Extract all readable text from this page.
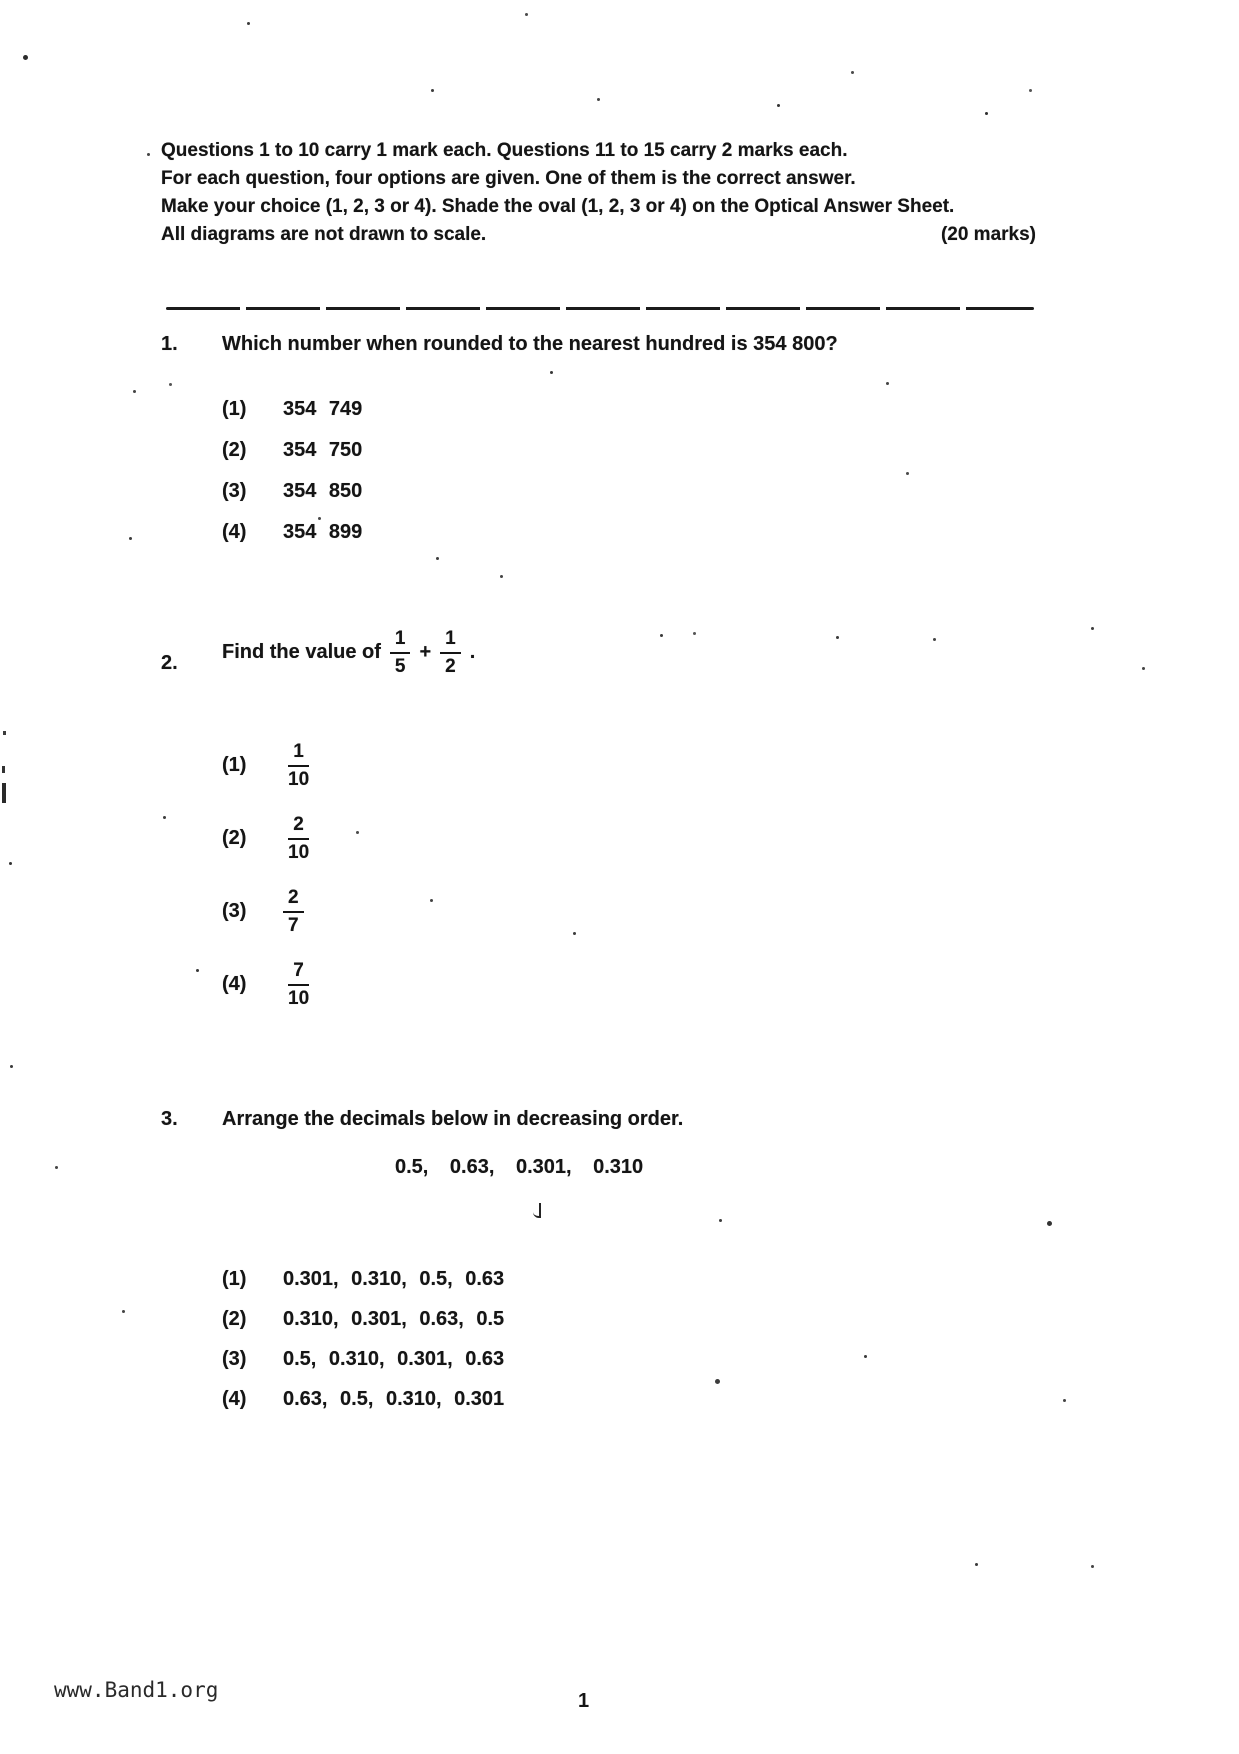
Questions 1 to 10 carry 1 mark each. Questions 11 to 15 carry 2 marks each.

For each question, four options are given. One of them is the correct answer.

Make your choice (1, 2, 3 or 4). Shade the oval (1, 2, 3 or 4) on the Optical Answer Sheet.

All diagrams are not drawn to scale.	(20 marks)

1. Which number when rounded to the nearest hundred is 354 800?
(1)	354 749
(2)	354 750
(3)	354 850
(4)	354 899
2. Find the value of $\frac{1}{5} + \frac{1}{2}$ .
(1)	$\frac{1}{10}$
(2)	$\frac{2}{10}$
(3)	$\frac{2}{7}$
(4)	$\frac{7}{10}$
3. Arrange the decimals below in decreasing order.
0.5, 0.63, 0.301, 0.310
(1)	0.301, 0.310, 0.5, 0.63
(2)	0.310, 0.301, 0.63, 0.5
(3)	0.5, 0.310, 0.301, 0.63
(4)	0.63, 0.5, 0.310, 0.301
www.Band1.org	1
